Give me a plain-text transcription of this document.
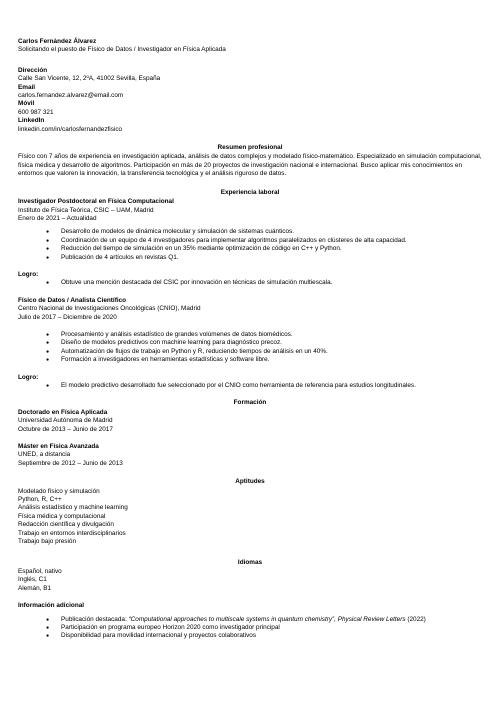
Carlos Fernández Álvarez
Solicitando el puesto de Físico de Datos / Investigador en Física Aplicada
Dirección
Calle San Vicente, 12, 2ºA, 41002 Sevilla, España
Email
carlos.fernandez.alvarez@email.com
Móvil
600 987 321
LinkedIn
linkedin.com/in/carlosfernandezfisico
Resumen profesional
Físico con 7 años de experiencia en investigación aplicada, análisis de datos complejos y modelado físico-matemático. Especializado en simulación computacional, física médica y desarrollo de algoritmos. Participación en más de 20 proyectos de investigación nacional e internacional. Busco aplicar mis conocimientos en entornos que valoren la innovación, la transferencia tecnológica y el análisis riguroso de datos.
Experiencia laboral
Investigador Postdoctoral en Física Computacional
Instituto de Física Teórica, CSIC – UAM, Madrid
Enero de 2021 – Actualidad
● Desarrollo de modelos de dinámica molecular y simulación de sistemas cuánticos.
● Coordinación de un equipo de 4 investigadores para implementar algoritmos paralelizados en clústeres de alta capacidad.
● Reducción del tiempo de simulación en un 35% mediante optimización de código en C++ y Python.
● Publicación de 4 artículos en revistas Q1.
Logro:
● Obtuve una mención destacada del CSIC por innovación en técnicas de simulación multiescala.
Físico de Datos / Analista Científico
Centro Nacional de Investigaciones Oncológicas (CNIO), Madrid
Julio de 2017 – Diciembre de 2020
● Procesamiento y análisis estadístico de grandes volúmenes de datos biomédicos.
● Diseño de modelos predictivos con machine learning para diagnóstico precoz.
● Automatización de flujos de trabajo en Python y R, reduciendo tiempos de análisis en un 40%.
● Formación a investigadores en herramientas estadísticas y software libre.
Logro:
● El modelo predictivo desarrollado fue seleccionado por el CNIO como herramienta de referencia para estudios longitudinales.
Formación
Doctorado en Física Aplicada
Universidad Autónoma de Madrid
Octubre de 2013 – Junio de 2017
Máster en Física Avanzada
UNED, a distancia
Septiembre de 2012 – Junio de 2013
Aptitudes
Modelado físico y simulación
Python, R, C++
Análisis estadístico y machine learning
Física médica y computacional
Redacción científica y divulgación
Trabajo en entornos interdisciplinarios
Trabajo bajo presión
Idiomas
Español, nativo
Inglés, C1
Alemán, B1
Información adicional
● Publicación destacada: “Computational approaches to multiscale systems in quantum chemistry”, Physical Review Letters (2022)
● Participación en programa europeo Horizon 2020 como investigador principal
● Disponibilidad para movilidad internacional y proyectos colaborativos
